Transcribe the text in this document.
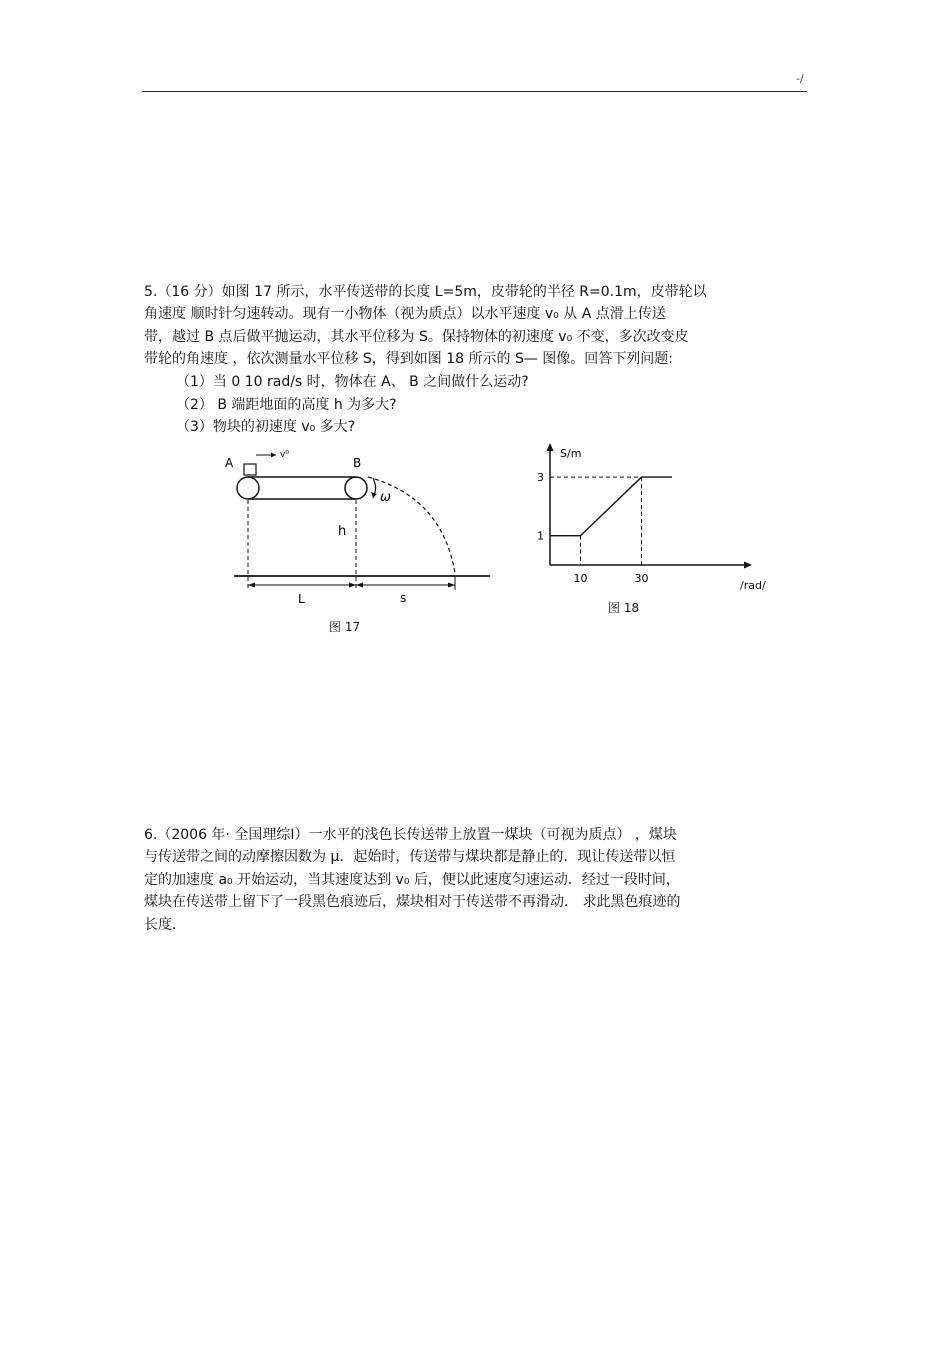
-/
5.（16 分）如图 17 所示，水平传送带的长度 L=5m，皮带轮的半径 R=0.1m，皮带轮以
角速度 顺时针匀速转动。现有一小物体（视为质点）以水平速度 v₀ 从 A 点滑上传送
带，越过 B 点后做平抛运动，其水平位移为 S。保持物体的初速度 v₀ 不变，多次改变皮
带轮的角速度 ，依次测量水平位移 S，得到如图 18 所示的 S— 图像。回答下列问题:
（1）当 0 10 rad/s 时，物体在 A、 B 之间做什么运动?
（2） B 端距地面的高度 h 为多大?
（3）物块的初速度 v₀ 多大?
A
v⁰
B
ω
h
L	s
图 17
S/m
1
3
10	30
/rad/
图 18
6.（2006 年· 全国理综Ⅰ）一水平的浅色长传送带上放置一煤块（可视为质点） ，煤块
与传送带之间的动摩擦因数为 μ．起始时，传送带与煤块都是静止的．现让传送带以恒
定的加速度 a₀ 开始运动，当其速度达到 v₀ 后，便以此速度匀速运动．经过一段时间，
煤块在传送带上留下了一段黑色痕迹后，煤块相对于传送带不再滑动． 求此黑色痕迹的
长度．
